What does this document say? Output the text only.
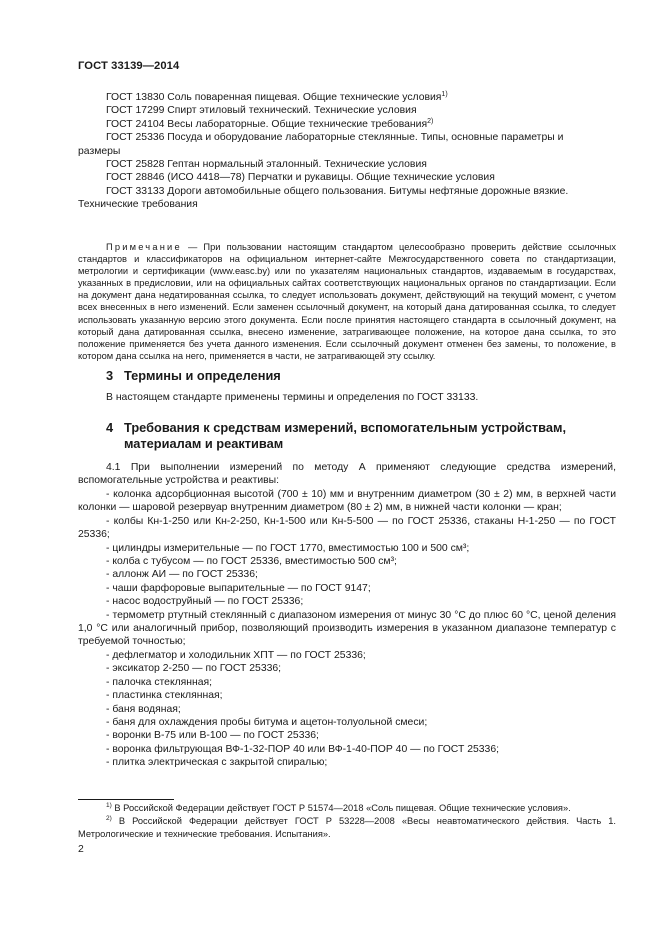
ГОСТ 33139—2014

ГОСТ 13830 Соль поваренная пищевая. Общие технические условия$^{1)}$

ГОСТ 17299 Спирт этиловый технический. Технические условия

ГОСТ 24104 Весы лабораторные. Общие технические требования$^{2)}$

ГОСТ 25336 Посуда и оборудование лабораторные стеклянные. Типы, основные параметры и

размеры

ГОСТ 25828 Гептан нормальный эталонный. Технические условия

ГОСТ 28846 (ИСО 4418—78) Перчатки и рукавицы. Общие технические условия

ГОСТ 33133 Дороги автомобильные общего пользования. Битумы нефтяные дорожные вязкие.

Технические требования

Примечание — При пользовании настоящим стандартом целесообразно проверить действие ссылочных стандартов и классификаторов на официальном интернет-сайте Межгосударственного совета по стандартизации, метрологии и сертификации (www.easc.by) или по указателям национальных стандартов, издаваемым в государствах, указанных в предисловии, или на официальных сайтах соответствующих национальных органов по стандартизации. Если на документ дана недатированная ссылка, то следует использовать документ, действующий на текущий момент, с учетом всех внесенных в него изменений. Если заменен ссылочный документ, на который дана датированная ссылка, то следует использовать указанную версию этого документа. Если после принятия настоящего стандарта в ссылочный документ, на который дана датированная ссылка, внесено изменение, затрагивающее положение, на которое дана ссылка, то это положение применяется без учета данного изменения. Если ссылочный документ отменен без замены, то положение, в котором дана ссылка на него, применяется в части, не затрагивающей эту ссылку.

3 Термины и определения

В настоящем стандарте применены термины и определения по ГОСТ 33133.

4 Требования к средствам измерений, вспомогательным устройствам,
материалам и реактивам

4.1 При выполнении измерений по методу А применяют следующие средства измерений, вспомогательные устройства и реактивы:

- колонка адсорбционная высотой (700 ± 10) мм и внутренним диаметром (30 ± 2) мм, в верхней части колонки — шаровой резервуар внутренним диаметром (80 ± 2) мм, в нижней части колонки — кран;

- колбы Кн-1-250 или Кн-2-250, Кн-1-500 или Кн-5-500 — по ГОСТ 25336, стаканы Н-1-250 — по ГОСТ 25336;

- цилиндры измерительные — по ГОСТ 1770, вместимостью 100 и 500 см³;

- колба с тубусом — по ГОСТ 25336, вместимостью 500 см³;

- аллонж АИ — по ГОСТ 25336;

- чаши фарфоровые выпарительные — по ГОСТ 9147;

- насос водоструйный — по ГОСТ 25336;

- термометр ртутный стеклянный с диапазоном измерения от минус 30 °С до плюс 60 °С, ценой деления 1,0 °С или аналогичный прибор, позволяющий производить измерения в указанном диапазоне температур с требуемой точностью;

- дефлегматор и холодильник ХПТ — по ГОСТ 25336;

- эксикатор 2-250 — по ГОСТ 25336;

- палочка стеклянная;

- пластинка стеклянная;

- баня водяная;

- баня для охлаждения пробы битума и ацетон-толуольной смеси;

- воронки В-75 или В-100 — по ГОСТ 25336;

- воронка фильтрующая ВФ-1-32-ПОР 40 или ВФ-1-40-ПОР 40 — по ГОСТ 25336;

- плитка электрическая с закрытой спиралью;

$^{1)}$ В Российской Федерации действует ГОСТ Р 51574—2018 «Соль пищевая. Общие технические условия».

$^{2)}$ В Российской Федерации действует ГОСТ Р 53228—2008 «Весы неавтоматического действия. Часть 1. Метрологические и технические требования. Испытания».

2
